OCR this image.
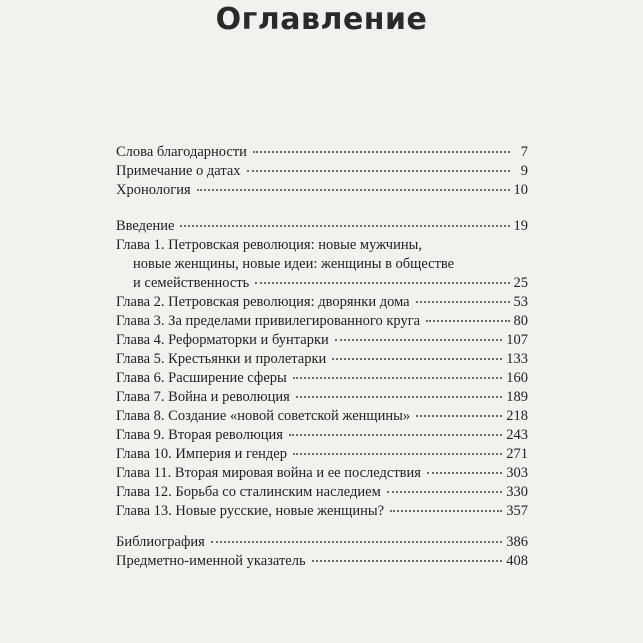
Оглавление
Слова благодарности	7
Примечание о датах	9
Хронология	10
Введение	19
Глава 1. Петровская революция: новые мужчины,
новые женщины, новые идеи: женщины в обществе
и семейственность	25
Глава 2. Петровская революция: дворянки дома	53
Глава 3. За пределами привилегированного круга	80
Глава 4. Реформаторки и бунтарки	107
Глава 5. Крестьянки и пролетарки	133
Глава 6. Расширение сферы	160
Глава 7. Война и революция	189
Глава 8. Создание «новой советской женщины»	218
Глава 9. Вторая революция	243
Глава 10. Империя и гендер	271
Глава 11. Вторая мировая война и ее последствия	303
Глава 12. Борьба со сталинским наследием	330
Глава 13. Новые русские, новые женщины?	357
Библиография	386
Предметно-именной указатель	408
